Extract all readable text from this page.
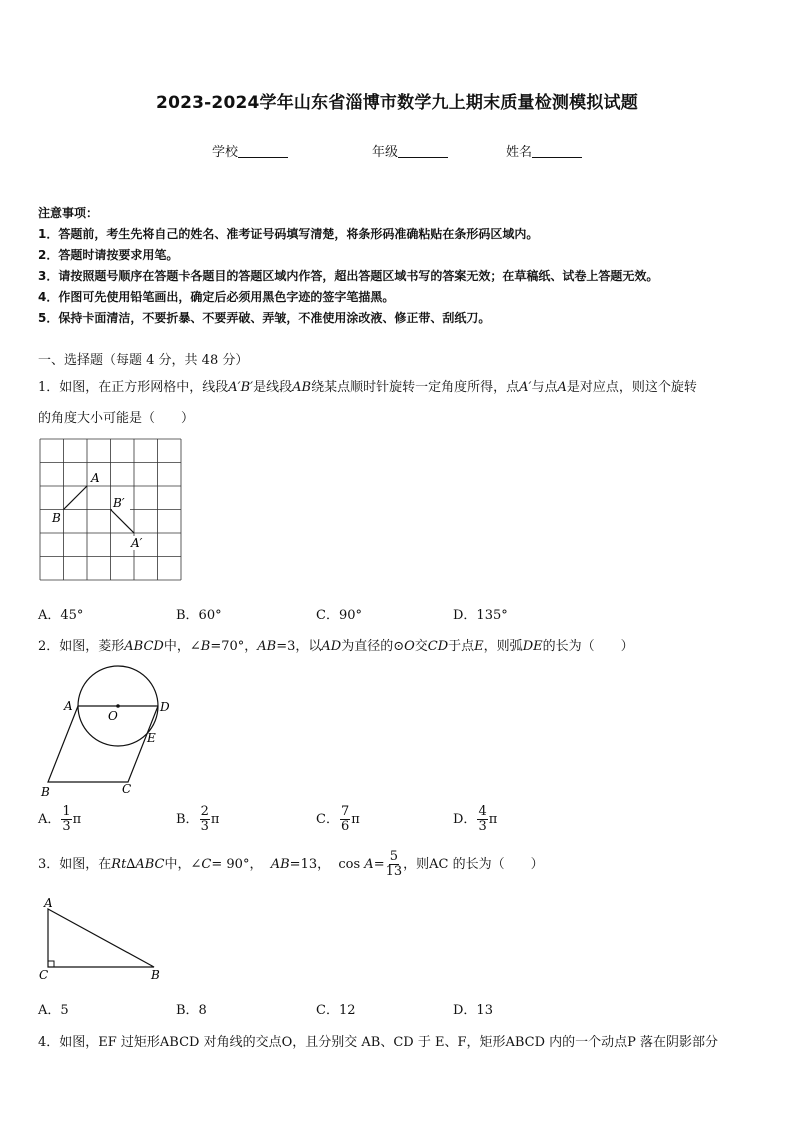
2023-2024学年山东省淄博市数学九上期末质量检测模拟试题
学校	年级	姓名
注意事项：
1．答题前，考生先将自己的姓名、准考证号码填写清楚，将条形码准确粘贴在条形码区域内。
2．答题时请按要求用笔。
3．请按照题号顺序在答题卡各题目的答题区域内作答，超出答题区域书写的答案无效；在草稿纸、试卷上答题无效。
4．作图可先使用铅笔画出，确定后必须用黑色字迹的签字笔描黑。
5．保持卡面清洁，不要折暴、不要弄破、弄皱，不准使用涂改液、修正带、刮纸刀。
一、选择题（每题 4 分，共 48 分）
1．如图，在正方形网格中，线段A′B′是线段AB绕某点顺时针旋转一定角度所得，点A′与点A是对应点，则这个旋转
的角度大小可能是（　　）
A
B
B′
A′
A．45°	B．60°	C．90°	D．135°
2．如图，菱形ABCD中，∠B=70°，AB=3，以AD为直径的⊙O交CD于点E，则弧DE的长为（　　）
A
O
D
E
B	C
A． $\frac{1}{3}$ π	B． $\frac{2}{3}$ π	C． $\frac{7}{6}$ π	D． $\frac{4}{3}$ π
3．如图，在Rt∆ABC中，∠C= 90°， AB=13， $\cos A= \frac{5}{13}$ ，则AC 的长为（　　）
A
C	B
A．5	B．8	C．12	D．13
4．如图，EF 过矩形ABCD 对角线的交点O，且分别交 AB、CD 于 E、F，矩形ABCD 内的一个动点P 落在阴影部分
